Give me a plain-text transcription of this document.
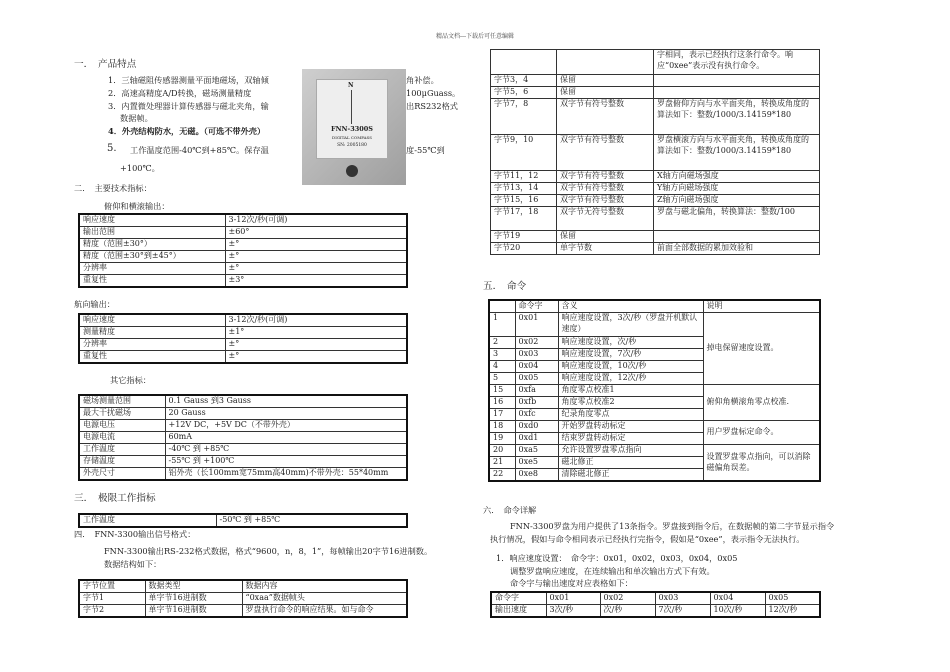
精品文档---下载后可任意编辑
一．　产品特点
1．三轴磁阻传感器测量平面地磁场，双轴倾
2．高速高精度A/D转换，磁场测量精度
3．内置微处理器计算传感器与磁北夹角，输
数据帧。
4．外壳结构防水，无磁。（可选不带外壳）
5. 工作温度范围-40℃到+85℃。保存温
+100℃。
角补偿。
100μGuass。
出RS232格式
度-55℃到
N
FNN-3300S
DIGITAL COMPASS
SN: 2005180
二．　主要技术指标：
俯仰和横滚输出：
响应速度	3-12次/秒(可调)
输出范围	±60°
精度（范围±30°）	±°
精度（范围±30°到±45°）	±°
分辨率	±°
重复性	±3°
航向输出：
响应速度	3-12次/秒(可调)
测量精度	±1°
分辨率	±°
重复性	±°
其它指标：
磁场测量范围	0.1 Gauss 到3 Gauss
最大干扰磁场	20 Gauss
电源电压	+12V DC，+5V DC（不带外壳）
电源电流	60mA
工作温度	-40℃ 到 +85℃
存储温度	-55℃ 到 +100℃
外壳尺寸	铝外壳（长100mm宽75mm高40mm)不带外壳：55*40mm
三．　极限工作指标
工作温度	-50℃ 到 +85℃
四．　FNN-3300输出信号格式：
FNN-3300输出RS-232格式数据，格式“9600，n，8，1”，每帧输出20字节16进制数。
数据结构如下：
字节位置	数据类型	数据内容
字节1	单字节16进制数	“0xaa”数据帧头
字节2	单字节16进制数	罗盘执行命令的响应结果。如与命令
		字相同，表示已经执行这条行命令。响应“0xee”表示没有执行命令。
字节3，4	保留	
字节5，6	保留	
字节7，8	双字节有符号整数	罗盘俯仰方向与水平面夹角，转换成角度的算法如下：整数/1000/3.14159*180
字节9，10	双字节有符号整数	罗盘横滚方向与水平面夹角，转换成角度的算法如下：整数/1000/3.14159*180
字节11，12	双字节有符号整数	X轴方向磁场强度
字节13，14	双字节有符号整数	Y轴方向磁场强度
字节15，16	双字节有符号整数	Z轴方向磁场强度
字节17，18	双字节无符号整数	罗盘与磁北偏角，转换算法：整数/100
字节19	保留	
字节20	单字节数	前面全部数据的累加效验和
五．　命令
	命令字	含义	说明
1	0x01	响应速度设置，3次/秒（罗盘开机默认速度）	掉电保留速度设置。
2	0x02	响应速度设置，次/秒	
3	0x03	响应速度设置，7次/秒	
4	0x04	响应速度设置，10次/秒	
5	0x05	响应速度设置，12次/秒	
15	0xfa	角度零点校准1	俯仰角横滚角零点校准.
16	0xfb	角度零点校准2	
17	0xfc	纪录角度零点	
18	0xd0	开始罗盘转动标定	用户罗盘标定命令。
19	0xd1	结束罗盘转动标定	
20	0xa5	允许设置罗盘零点指向	设置罗盘零点指向，可以消除磁偏角误差。
21	0xe5	磁北修正	
22	0xe8	清除磁北修正	
六．　命令详解
FNN-3300罗盘为用户提供了13条指令。罗盘接到指令后，在数据帧的第二字节显示指令
执行情况，假如与命令相同表示已经执行完指令，假如是“0xee”，表示指令无法执行。
1．响应速度设置：　命令字：0x01，0x02，0x03，0x04，0x05
调整罗盘响应速度，在连续输出和单次输出方式下有效。
命令字与输出速度对应表格如下：
命令字	0x01	0x02	0x03	0x04	0x05
输出速度	3次/秒	次/秒	7次/秒	10次/秒	12次/秒
